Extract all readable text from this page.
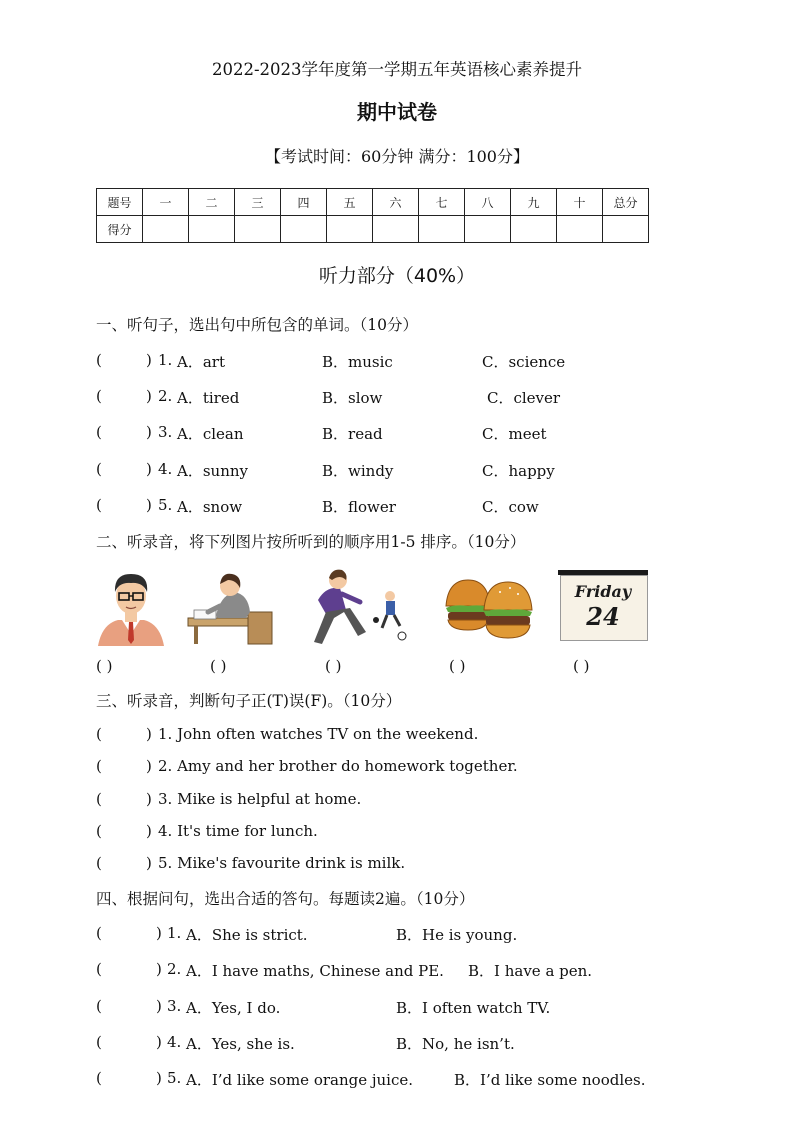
2022-2023学年度第一学期五年英语核心素养提升
期中试卷
【考试时间：60分钟 满分：100分】
题号	一	二	三	四	五	六	七	八	九	十	总分
得分											
听力部分（40%）
一、听句子，选出句中所包含的单词。（10分）
(	) 1. A．art	B．music	C．science
(	) 2. A．tired	B．slow	C．clever
(	) 3. A．clean	B．read	C．meet
(	) 4. A．sunny	B．windy	C．happy
(	) 5. A．snow	B．flower	C．cow
二、听录音，将下列图片按所听到的顺序用1-5 排序。（10分）
Friday
24
( )	( )	( )	( )	( )
三、听录音，判断句子正(T)误(F)。（10分）
(	) 1. John often watches TV on the weekend.
(	) 2. Amy and her brother do homework together.
(	) 3. Mike is helpful at home.
(	) 4. It's time for lunch.
(	) 5. Mike's favourite drink is milk.
四、根据问句，选出合适的答句。每题读2遍。（10分）
(	) 1. A．She is strict.	B．He is young.
(	) 2. A．I have maths, Chinese and PE. B．I have a pen.
(	) 3. A．Yes, I do.	B．I often watch TV.
(	) 4. A．Yes, she is.	B．No, he isn’t.
(	) 5. A．I’d like some orange juice.	B．I’d like some noodles.
